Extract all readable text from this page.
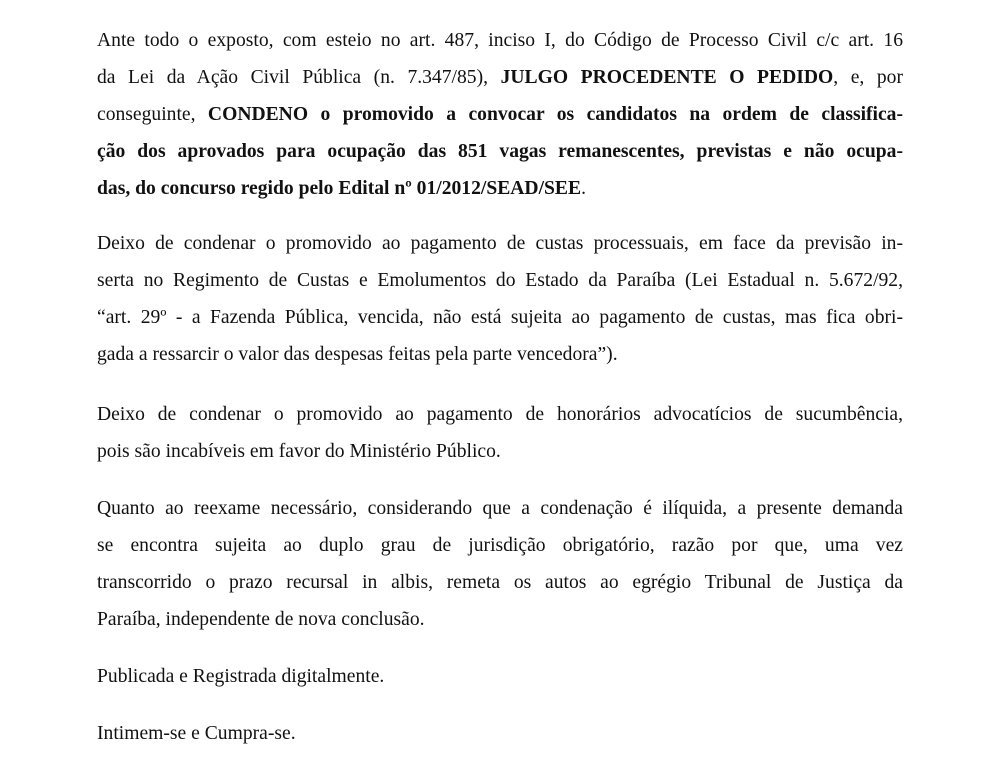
Ante todo o exposto, com esteio no art. 487, inciso I, do Código de Processo Civil c/c art. 16
da Lei da Ação Civil Pública (n. 7.347/85), JULGO PROCEDENTE O PEDIDO, e, por
conseguinte, CONDENO o promovido a convocar os candidatos na ordem de classifica-
ção dos aprovados para ocupação das 851 vagas remanescentes, previstas e não ocupa-
das, do concurso regido pelo Edital nº 01/2012/SEAD/SEE.
Deixo de condenar o promovido ao pagamento de custas processuais, em face da previsão in-
serta no Regimento de Custas e Emolumentos do Estado da Paraíba (Lei Estadual n. 5.672/92,
“art. 29º - a Fazenda Pública, vencida, não está sujeita ao pagamento de custas, mas fica obri-
gada a ressarcir o valor das despesas feitas pela parte vencedora”).
Deixo de condenar o promovido ao pagamento de honorários advocatícios de sucumbência,
pois são incabíveis em favor do Ministério Público.
Quanto ao reexame necessário, considerando que a condenação é ilíquida, a presente demanda
se encontra sujeita ao duplo grau de jurisdição obrigatório, razão por que, uma vez
transcorrido o prazo recursal in albis, remeta os autos ao egrégio Tribunal de Justiça da
Paraíba, independente de nova conclusão.
Publicada e Registrada digitalmente.
Intimem-se e Cumpra-se.
